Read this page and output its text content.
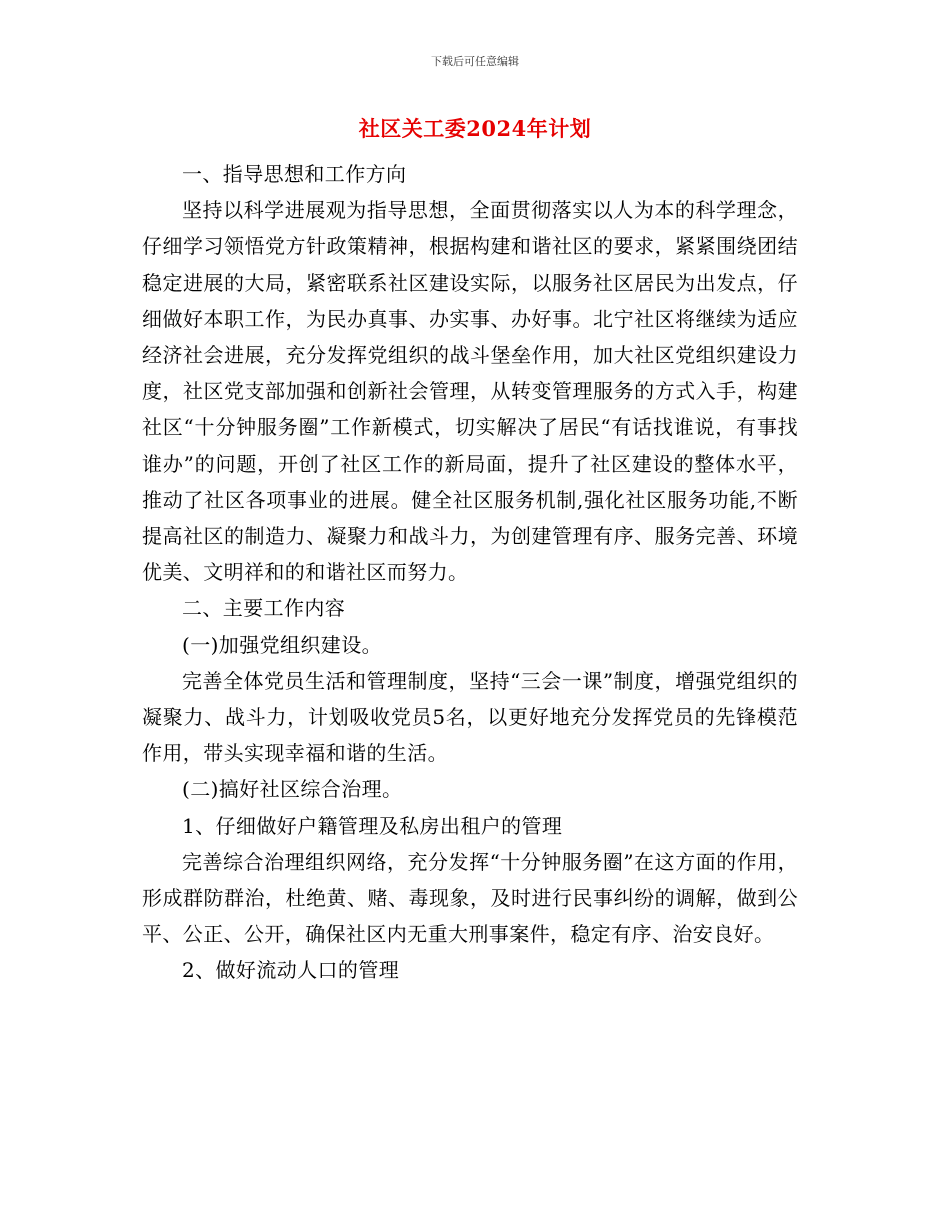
下载后可任意编辑
社区关工委2024年计划

一、指导思想和工作方向

坚持以科学进展观为指导思想，全面贯彻落实以人为本的科学理念，仔细学习领悟党方针政策精神，根据构建和谐社区的要求，紧紧围绕团结稳定进展的大局，紧密联系社区建设实际，以服务社区居民为出发点，仔细做好本职工作，为民办真事、办实事、办好事。北宁社区将继续为适应经济社会进展，充分发挥党组织的战斗堡垒作用，加大社区党组织建设力度，社区党支部加强和创新社会管理，从转变管理服务的方式入手，构建社区“十分钟服务圈”工作新模式，切实解决了居民“有话找谁说，有事找谁办”的问题，开创了社区工作的新局面，提升了社区建设的整体水平，推动了社区各项事业的进展。健全社区服务机制,强化社区服务功能,不断提高社区的制造力、凝聚力和战斗力，为创建管理有序、服务完善、环境优美、文明祥和的和谐社区而努力。

二、主要工作内容

(一)加强党组织建设。

完善全体党员生活和管理制度，坚持“三会一课”制度，增强党组织的凝聚力、战斗力，计划吸收党员5名，以更好地充分发挥党员的先锋模范作用，带头实现幸福和谐的生活。

(二)搞好社区综合治理。

1、仔细做好户籍管理及私房出租户的管理

完善综合治理组织网络，充分发挥“十分钟服务圈”在这方面的作用，形成群防群治，杜绝黄、赌、毒现象，及时进行民事纠纷的调解，做到公平、公正、公开，确保社区内无重大刑事案件，稳定有序、治安良好。

2、做好流动人口的管理
